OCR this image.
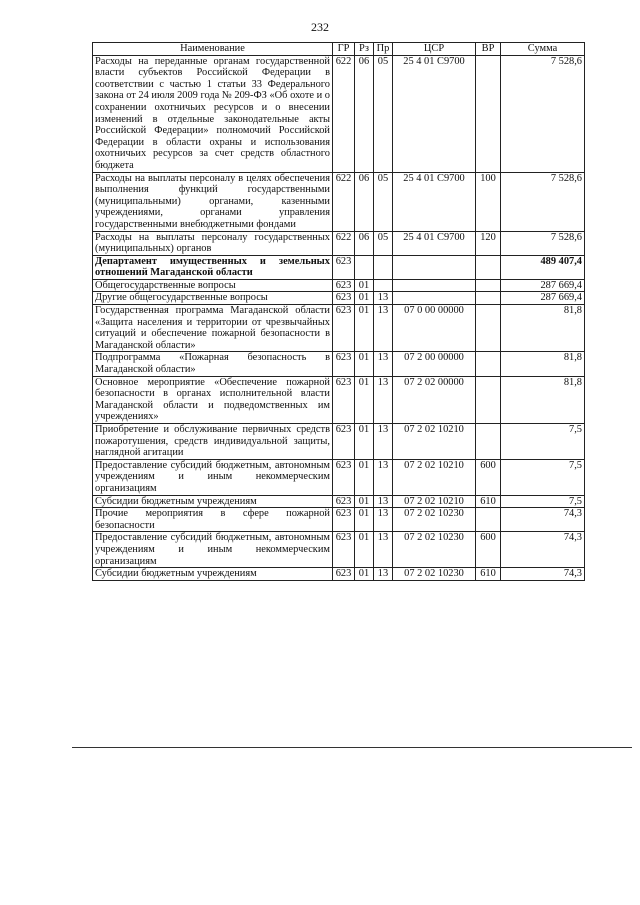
232
Наименование	ГР	Рз	Пр	ЦСР	ВР	Сумма
Расходы на переданные органам государственной власти субъектов Российской Федерации в соответствии с частью 1 статьи 33 Федерального закона от 24 июля 2009 года № 209-ФЗ «Об охоте и о сохранении охотничьих ресурсов и о внесении изменений в отдельные законодательные акты Российской Федерации» полномочий Российской Федерации в области охраны и использования охотничьих ресурсов за счет средств областного бюджета	622	06	05	25 4 01 С9700		7 528,6
Расходы на выплаты персоналу в целях обеспечения выполнения функций государственными (муниципальными) органами, казенными учреждениями, органами управления государственными внебюджетными фондами	622	06	05	25 4 01 С9700	100	7 528,6
Расходы на выплаты персоналу государственных (муниципальных) органов	622	06	05	25 4 01 С9700	120	7 528,6
Департамент имущественных и земельных отношений Магаданской области	623					489 407,4
Общегосударственные вопросы	623	01				287 669,4
Другие общегосударственные вопросы	623	01	13			287 669,4
Государственная программа Магаданской области «Защита населения и территории от чрезвычайных ситуаций и обеспечение пожарной безопасности в Магаданской области»	623	01	13	07 0 00 00000		81,8
Подпрограмма «Пожарная безопасность в Магаданской области»	623	01	13	07 2 00 00000		81,8
Основное мероприятие «Обеспечение пожарной безопасности в органах исполнительной власти Магаданской области и подведомственных им учреждениях»	623	01	13	07 2 02 00000		81,8
Приобретение и обслуживание первичных средств пожаротушения, средств индивидуальной защиты, наглядной агитации	623	01	13	07 2 02 10210		7,5
Предоставление субсидий бюджетным, автономным учреждениям и иным некоммерческим организациям	623	01	13	07 2 02 10210	600	7,5
Субсидии бюджетным учреждениям	623	01	13	07 2 02 10210	610	7,5
Прочие мероприятия в сфере пожарной безопасности	623	01	13	07 2 02 10230		74,3
Предоставление субсидий бюджетным, автономным учреждениям и иным некоммерческим организациям	623	01	13	07 2 02 10230	600	74,3
Субсидии бюджетным учреждениям	623	01	13	07 2 02 10230	610	74,3
